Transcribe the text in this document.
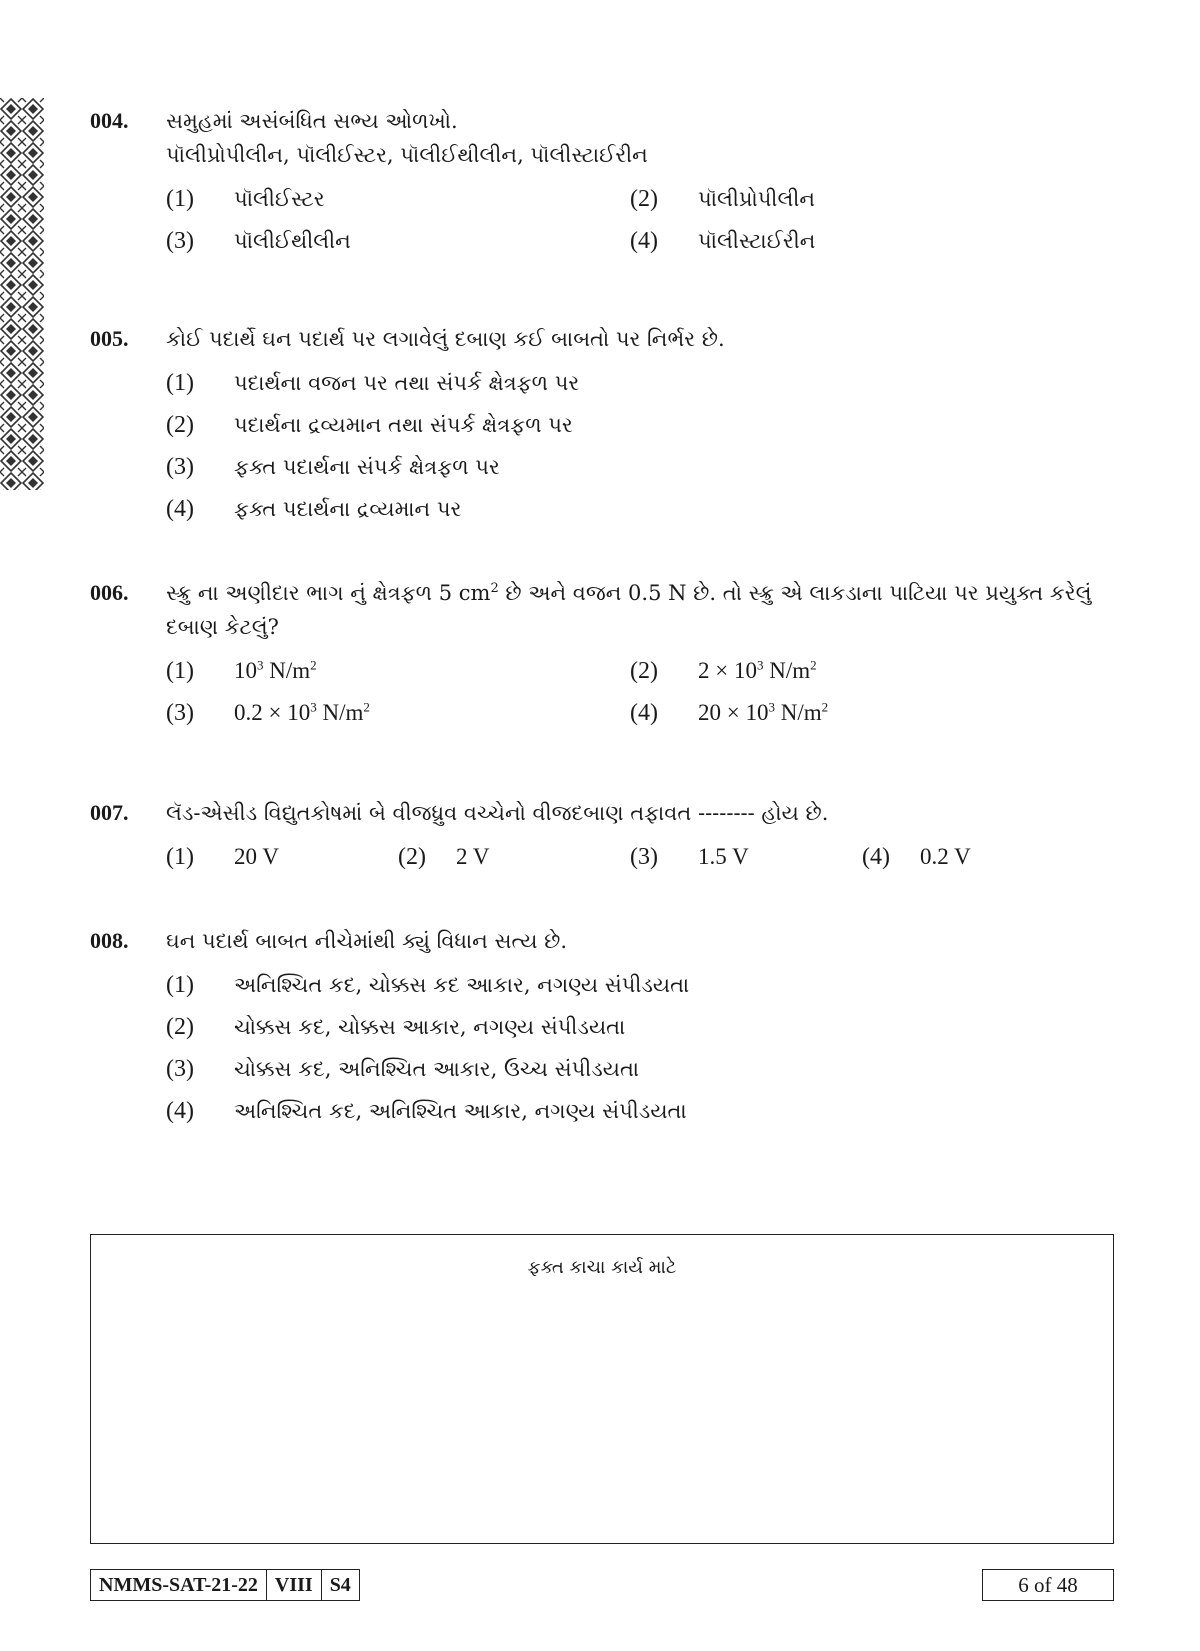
004. સમુહમાં અસંબંધિત સભ્ય ઓળખો.
પૉલીપ્રોપીલીન, પૉલીઈસ્ટર, પૉલીઈથીલીન, પૉલીસ્ટાઈરીન
(1)	પૉલીઈસ્ટર	(2)	પૉલીપ્રોપીલીન
(3)	પૉલીઈથીલીન	(4)	પૉલીસ્ટાઈરીન
005. કોઈ પદાર્થે ઘન પદાર્થ પર લગાવેલું દબાણ કઈ બાબતો પર નિર્ભર છે.
(1)	પદાર્થના વજન પર તથા સંપર્ક ક્ષેત્રફળ પર
(2)	પદાર્થના દ્રવ્યમાન તથા સંપર્ક ક્ષેત્રફળ પર
(3)	ફક્ત પદાર્થના સંપર્ક ક્ષેત્રફળ પર
(4)	ફક્ત પદાર્થના દ્રવ્યમાન પર
006. સ્ક્રુ ના અણીદાર ભાગ નું ક્ષેત્રફળ 5 $cm^2$ છે અને વજન 0.5 N છે. તો સ્ક્રુ એ લાકડાના પાટિયા પર પ્રયુક્ત કરેલું
દબાણ કેટલું?
(1)	$10^3$ $N/m^2$	(2)	$2 \times 10^3$ $N/m^2$
(3)	$0.2 \times 10^3$ $N/m^2$	(4)	$20 \times 10^3$ $N/m^2$
007. લૅડ-એસીડ વિદ્યુતકોષમાં બે વીજધ્રુવ વચ્ચેનો વીજદબાણ તફાવત -------- હોય છે.
(1)	20 V	(2)	2 V	(3)	1.5 V	(4)	0.2 V
008. ઘન પદાર્થ બાબત નીચેમાંથી ક્યું વિધાન સત્ય છે.
(1)	અનિશ્ચિત કદ, ચોક્કસ કદ આકાર, નગણ્ય સંપીડયતા
(2)	ચોક્કસ કદ, ચોક્કસ આકાર, નગણ્ય સંપીડયતા
(3)	ચોક્કસ કદ, અનિશ્ચિત આકાર, ઉચ્ચ સંપીડયતા
(4)	અનિશ્ચિત કદ, અનિશ્ચિત આકાર, નગણ્ય સંપીડયતા
ફક્ત કાચા કાર્ય માટે
NMMS-SAT-21-22 VIII S4	6 of 48
